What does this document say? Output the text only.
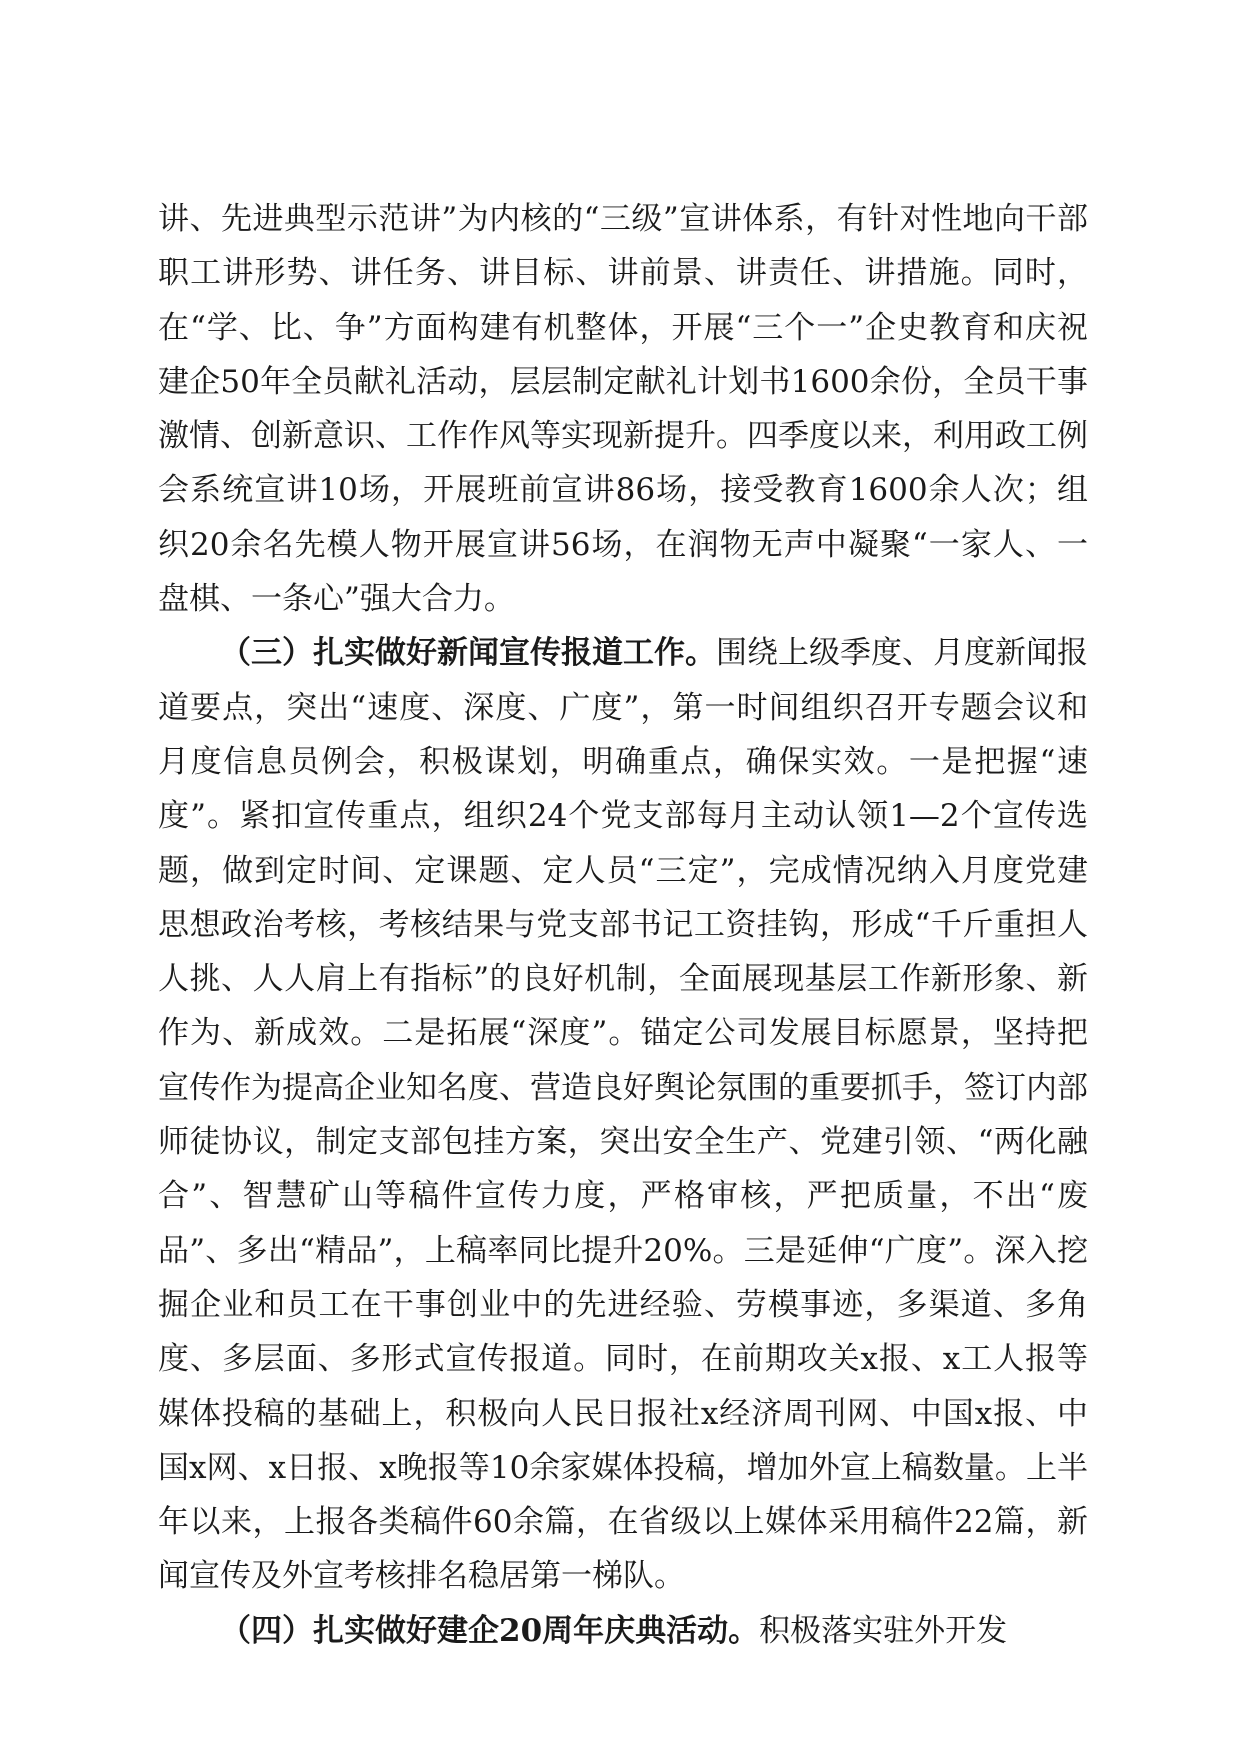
讲、先进典型示范讲”为内核的“三级”宣讲体系，有针对性地向干部职工讲形势、讲任务、讲目标、讲前景、讲责任、讲措施。同时，在“学、比、争”方面构建有机整体，开展“三个一”企史教育和庆祝建企50年全员献礼活动，层层制定献礼计划书1600余份，全员干事激情、创新意识、工作作风等实现新提升。四季度以来，利用政工例会系统宣讲10场，开展班前宣讲86场，接受教育1600余人次；组织20余名先模人物开展宣讲56场，在润物无声中凝聚“一家人、一盘棋、一条心”强大合力。

（三）扎实做好新闻宣传报道工作。围绕上级季度、月度新闻报道要点，突出“速度、深度、广度”，第一时间组织召开专题会议和月度信息员例会，积极谋划，明确重点，确保实效。一是把握“速度”。紧扣宣传重点，组织24个党支部每月主动认领1—2个宣传选题，做到定时间、定课题、定人员“三定”，完成情况纳入月度党建思想政治考核，考核结果与党支部书记工资挂钩，形成“千斤重担人人挑、人人肩上有指标”的良好机制，全面展现基层工作新形象、新作为、新成效。二是拓展“深度”。锚定公司发展目标愿景，坚持把宣传作为提高企业知名度、营造良好舆论氛围的重要抓手，签订内部师徒协议，制定支部包挂方案，突出安全生产、党建引领、“两化融合”、智慧矿山等稿件宣传力度，严格审核，严把质量，不出“废品”、多出“精品”，上稿率同比提升20%。三是延伸“广度”。深入挖掘企业和员工在干事创业中的先进经验、劳模事迹，多渠道、多角度、多层面、多形式宣传报道。同时，在前期攻关x报、x工人报等媒体投稿的基础上，积极向人民日报社x经济周刊网、中国x报、中国x网、x日报、x晚报等10余家媒体投稿，增加外宣上稿数量。上半年以来，上报各类稿件60余篇，在省级以上媒体采用稿件22篇，新闻宣传及外宣考核排名稳居第一梯队。

（四）扎实做好建企20周年庆典活动。积极落实驻外开发
